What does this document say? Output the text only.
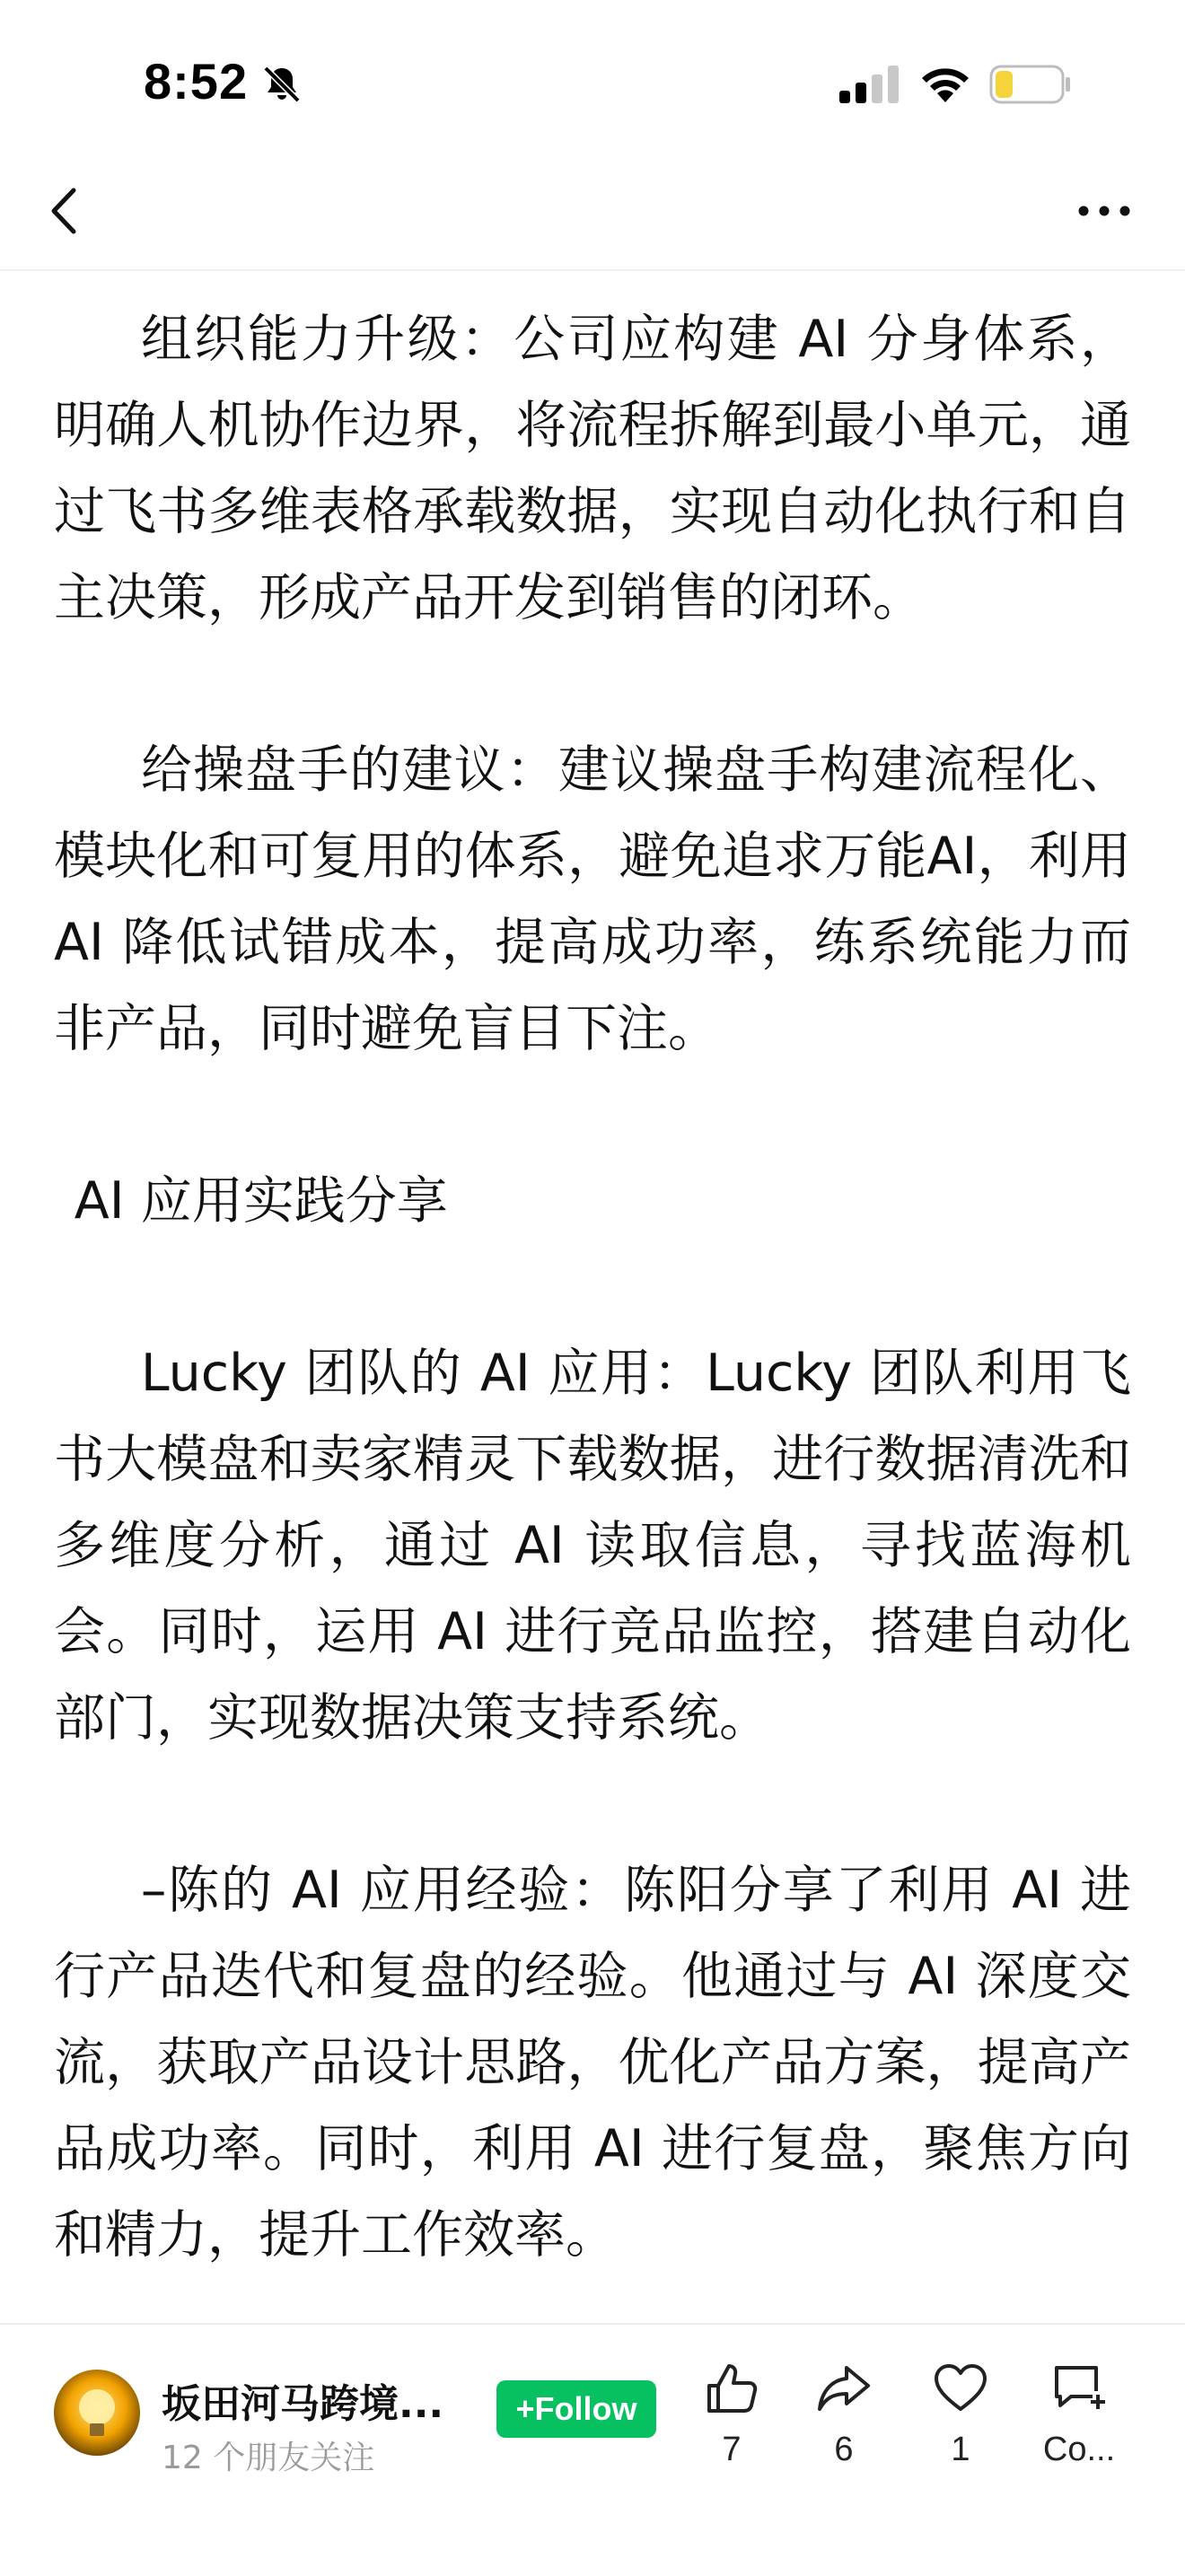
8:52

组织能力升级：公司应构建 AI 分身体系，明确人机协作边界，将流程拆解到最小单元，通过飞书多维表格承载数据，实现自动化执行和自主决策，形成产品开发到销售的闭环。

给操盘手的建议：建议操盘手构建流程化、模块化和可复用的体系，避免追求万能AI，利用 AI 降低试错成本，提高成功率，练系统能力而非产品，同时避免盲目下注。

AI 应用实践分享

Lucky 团队的 AI 应用：Lucky 团队利用飞书大模盘和卖家精灵下载数据，进行数据清洗和多维度分析，通过 AI 读取信息，寻找蓝海机会。同时，运用 AI 进行竞品监控，搭建自动化部门，实现数据决策支持系统。

–陈的 AI 应用经验：陈阳分享了利用 AI 进行产品迭代和复盘的经验。他通过与 AI 深度交流，获取产品设计思路，优化产品方案，提高产品成功率。同时，利用 AI 进行复盘，聚焦方向和精力，提升工作效率。

坂田河马跨境...
12 个朋友关注
+Follow
7	6	1	Co...
